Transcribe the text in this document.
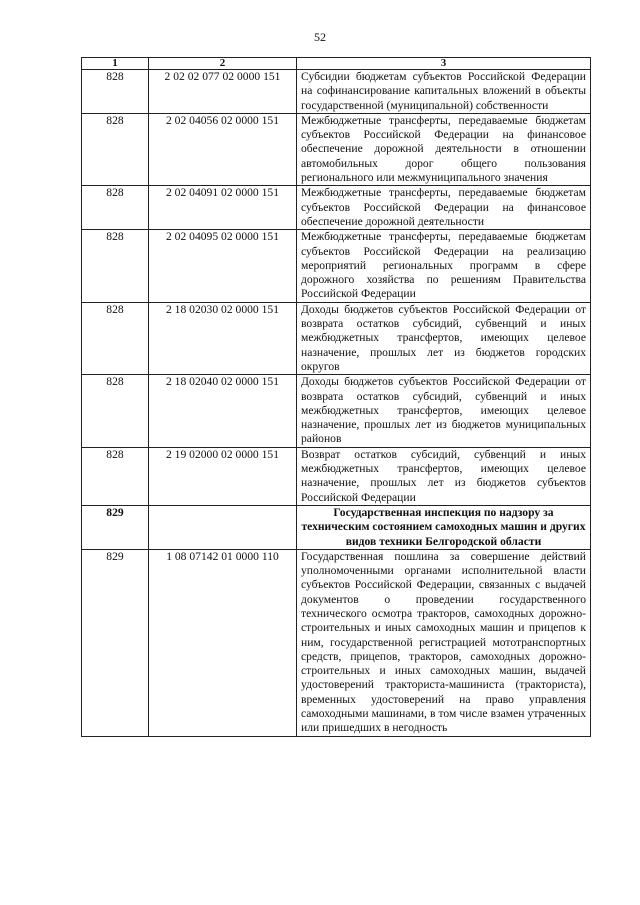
52
1	2	3
828	2 02 02 077 02 0000 151	Субсидии бюджетам субъектов Российской Федерации на софинансирование капитальных вложений в объекты государственной (муниципальной) собственности
828	2 02 04056 02 0000 151	Межбюджетные трансферты, передаваемые бюджетам субъектов Российской Федерации на финансовое обеспечение дорожной деятельности в отношении автомобильных дорог общего пользования регионального или межмуниципального значения
828	2 02 04091 02 0000 151	Межбюджетные трансферты, передаваемые бюджетам субъектов Российской Федерации на финансовое обеспечение дорожной деятельности
828	2 02 04095 02 0000 151	Межбюджетные трансферты, передаваемые бюджетам субъектов Российской Федерации на реализацию мероприятий региональных программ в сфере дорожного хозяйства по решениям Правительства Российской Федерации
828	2 18 02030 02 0000 151	Доходы бюджетов субъектов Российской Федерации от возврата остатков субсидий, субвенций и иных межбюджетных трансфертов, имеющих целевое назначение, прошлых лет из бюджетов городских округов
828	2 18 02040 02 0000 151	Доходы бюджетов субъектов Российской Федерации от возврата остатков субсидий, субвенций и иных межбюджетных трансфертов, имеющих целевое назначение, прошлых лет из бюджетов муниципальных районов
828	2 19 02000 02 0000 151	Возврат остатков субсидий, субвенций и иных межбюджетных трансфертов, имеющих целевое назначение, прошлых лет из бюджетов субъектов Российской Федерации
829		Государственная инспекция по надзору за техническим состоянием самоходных машин и других видов техники Белгородской области
829	1 08 07142 01 0000 110	Государственная пошлина за совершение действий уполномоченными органами исполнительной власти субъектов Российской Федерации, связанных с выдачей документов о проведении государственного технического осмотра тракторов, самоходных дорожно-строительных и иных самоходных машин и прицепов к ним, государственной регистрацией мототранспортных средств, прицепов, тракторов, самоходных дорожно-строительных и иных самоходных машин, выдачей удостоверений тракториста-машиниста (тракториста), временных удостоверений на право управления самоходными машинами, в том числе взамен утраченных или пришедших в негодность
